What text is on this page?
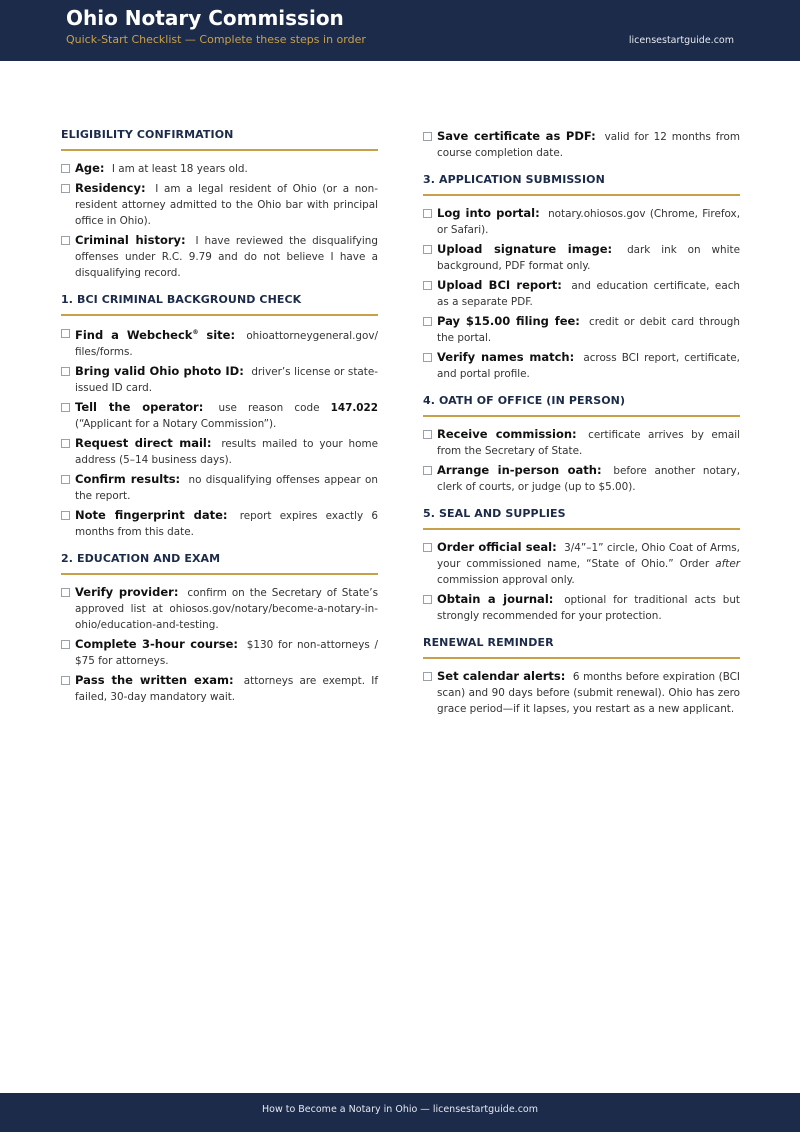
Ohio Notary Commission
Quick-Start Checklist — Complete these steps in order	licensestartguide.com
ELIGIBILITY CONFIRMATION
Age: I am at least 18 years old.
Residency: I am a legal resident of Ohio (or a non-resident attorney admitted to the Ohio bar with principal office in Ohio).
Criminal history: I have reviewed the disqualifying offenses under R.C. 9.79 and do not believe I have a disqualifying record.
1. BCI CRIMINAL BACKGROUND CHECK
Find a Webcheck® site: ohioattorneygeneral.gov/ files/forms.
Bring valid Ohio photo ID: driver’s license or state-issued ID card.
Tell the operator: use reason code 147.022 (“Applicant for a Notary Commission”).
Request direct mail: results mailed to your home address (5–14 business days).
Confirm results: no disqualifying offenses appear on the report.
Note fingerprint date: report expires exactly 6 months from this date.
2. EDUCATION AND EXAM
Verify provider: confirm on the Secretary of State’s approved list at ohiosos.gov/notary/become-a-notary-in-ohio/education-and-testing.
Complete 3-hour course: $130 for non-attorneys / $75 for attorneys.
Pass the written exam: attorneys are exempt. If failed, 30-day mandatory wait.
Save certificate as PDF: valid for 12 months from course completion date.
3. APPLICATION SUBMISSION
Log into portal: notary.ohiosos.gov (Chrome, Firefox, or Safari).
Upload signature image: dark ink on white background, PDF format only.
Upload BCI report: and education certificate, each as a separate PDF.
Pay $15.00 filing fee: credit or debit card through the portal.
Verify names match: across BCI report, certificate, and portal profile.
4. OATH OF OFFICE (IN PERSON)
Receive commission: certificate arrives by email from the Secretary of State.
Arrange in-person oath: before another notary, clerk of courts, or judge (up to $5.00).
5. SEAL AND SUPPLIES
Order official seal: 3/4”–1” circle, Ohio Coat of Arms, your commissioned name, “State of Ohio.” Order after commission approval only.
Obtain a journal: optional for traditional acts but strongly recommended for your protection.
RENEWAL REMINDER
Set calendar alerts: 6 months before expiration (BCI scan) and 90 days before (submit renewal). Ohio has zero grace period—if it lapses, you restart as a new applicant.
How to Become a Notary in Ohio — licensestartguide.com
